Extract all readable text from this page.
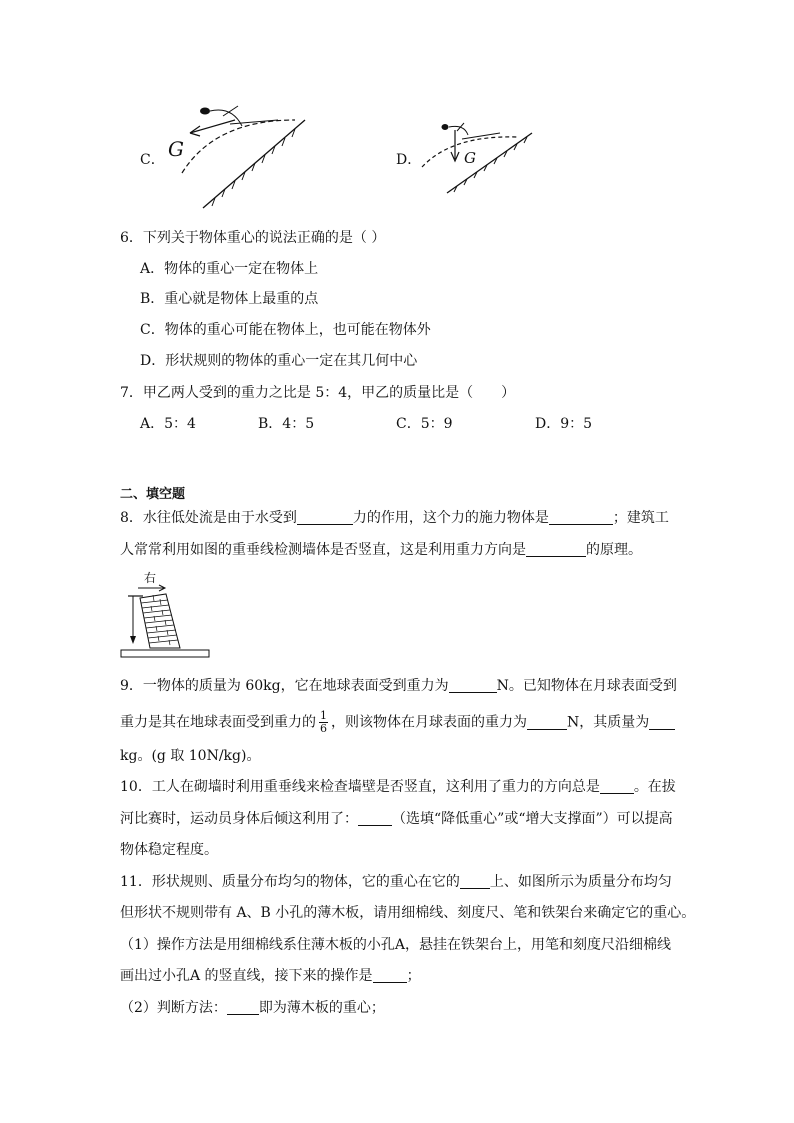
C． G	D．	G
6．下列关于物体重心的说法正确的是（ ）
A．物体的重心一定在物体上
B．重心就是物体上最重的点
C．物体的重心可能在物体上，也可能在物体外
D．形状规则的物体的重心一定在其几何中心
7．甲乙两人受到的重力之比是 5：4，甲乙的质量比是（　　）
A．5：4	B．4：5	C．5：9	D．9：5
二、填空题
8．水往低处流是由于水受到	力的作用，这个力的施力物体是	；建筑工
人常常利用如图的重垂线检测墙体是否竖直，这是利用重力方向是	的原理。
右
9．一物体的质量为 60kg，它在地球表面受到重力为	N。已知物体在月球表面受到
重力是其在地球表面受到重力的 $\frac{1}{6}$ ，则该物体在月球表面的重力为	N，其质量为
kg。(g 取 10N/kg)。
10．工人在砌墙时利用重垂线来检查墙壁是否竖直，这利用了重力的方向总是 。在拔
河比赛时，运动员身体后倾这利用了： （选填“降低重心”或“增大支撑面”）可以提高
物体稳定程度。
11．形状规则、质量分布均匀的物体，它的重心在它的 上、如图所示为质量分布均匀
但形状不规则带有 A、B 小孔的薄木板，请用细棉线、刻度尺、笔和铁架台来确定它的重心。
（1）操作方法是用细棉线系住薄木板的小孔A，悬挂在铁架台上，用笔和刻度尺沿细棉线
画出过小孔A 的竖直线，接下来的操作是 ；
（2）判断方法： 即为薄木板的重心；
